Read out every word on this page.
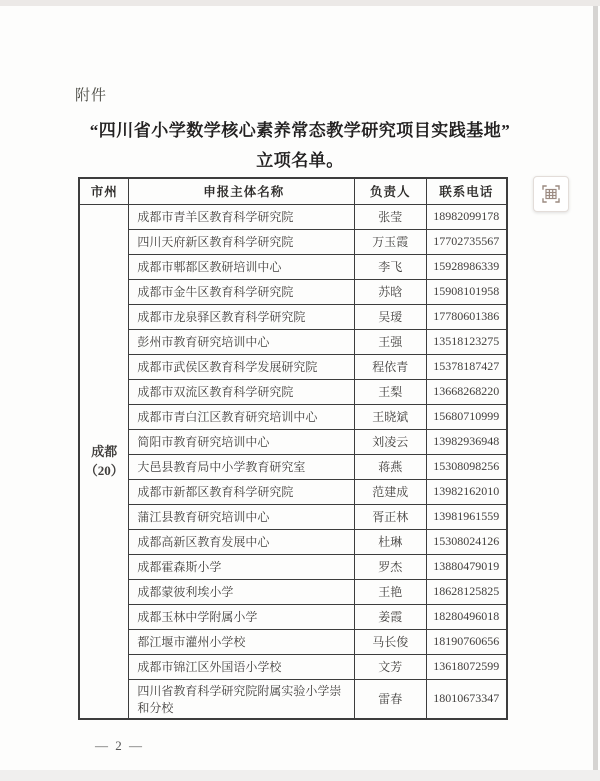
附件
“四川省小学数学核心素养常态教学研究项目实践基地”
立项名单。
市州	申报主体名称	负责人	联系电话

成都
（20）	成都市青羊区教育科学研究院	张莹	18982099178
	四川天府新区教育科学研究院	万玉霞	17702735567
	成都市郫都区教研培训中心	李飞	15928986339
	成都市金牛区教育科学研究院	苏晗	15908101958
	成都市龙泉驿区教育科学研究院	吴瑷	17780601386
	彭州市教育研究培训中心	王强	13518123275
	成都市武侯区教育科学发展研究院	程依青	15378187427
	成都市双流区教育科学研究院	王梨	13668268220
	成都市青白江区教育研究培训中心	王晓斌	15680710999
	简阳市教育研究培训中心	刘凌云	13982936948
	大邑县教育局中小学教育研究室	蒋燕	15308098256
	成都市新都区教育科学研究院	范建成	13982162010
	蒲江县教育研究培训中心	胥正林	13981961559
	成都高新区教育发展中心	杜琳	15308024126
	成都霍森斯小学	罗杰	13880479019
	成都蒙彼利埃小学	王艳	18628125825
	成都玉林中学附属小学	姜霞	18280496018
	都江堰市灌州小学校	马长俊	18190760656
	成都市锦江区外国语小学校	文芳	13618072599
	四川省教育科学研究院附属实验小学崇和分校	雷春	18010673347
— 2 —
